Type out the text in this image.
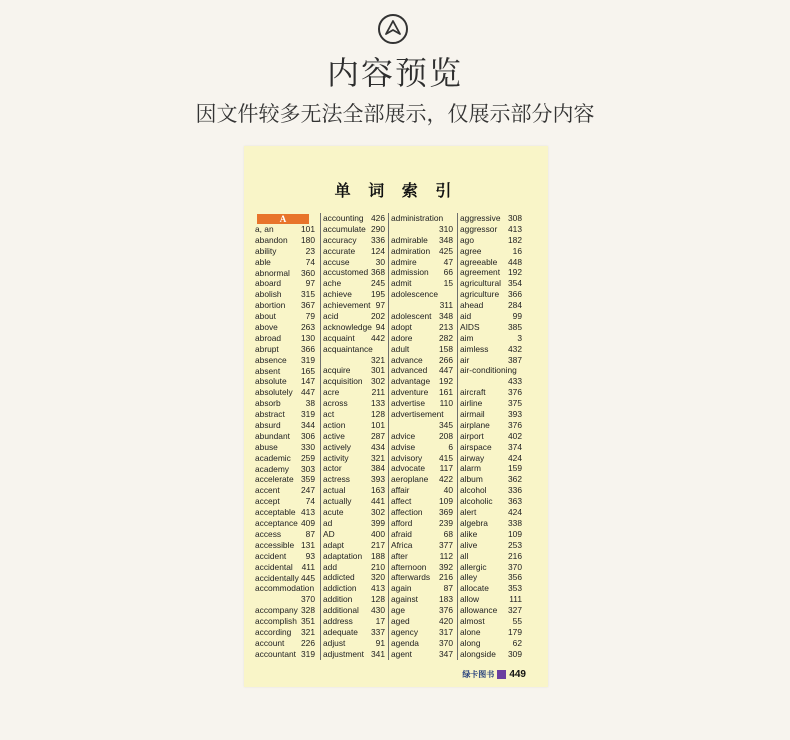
内容预览
因文件较多无法全部展示，仅展示部分内容
单 词 索 引
A
a, an	101
abandon 180
ability	23
able	74
abnormal 360
aboard	97
abolish 315
abortion 367
about	79
above	263
abroad 130
abrupt	366
absence 319
absent 165
absolute 147
absolutely 447
absorb	38
abstract 319
absurd 344
abundant 306
abuse	330
academic 259
academy 303
accelerate 359
accent	247
accept	74
acceptable 413
acceptance 409
access	87
accessible 131
accident 93
accidental 411
accidentally 445
accommodation
370
accompany 328
accomplish 351
according 321
account 226
accountant 319
accounting 426
accumulate 290
accuracy 336
accurate 124
accuse	30
accustomed 368
ache	245
achieve 195
achievement 97
acid	202
acknowledge 94
acquaint 442
acquaintance
321
acquire 301
acquisition 302
acre	211
across	133
act	128
action	101
active	287
actively 434
activity	321
actor	384
actress	393
actual	163
actually 441
acute	302
ad	399
AD	400
adapt	217
adaptation 188
add	210
addicted 320
addiction 413
addition 128
additional 430
address	17
adequate 337
adjust	91
adjustment 341
administration
310
admirable 348
admiration 425
admire	47
admission 66
admit	15
adolescence
311
adolescent 348
adopt	213
adore	282
adult	158
advance 266
advanced 447
advantage 192
adventure 161
advertise 110
advertisement
345
advice	208
advise	6
advisory 415
advocate 117
aeroplane 422
affair	40
affect	109
affection 369
afford	239
afraid	68
Africa	377
after	112
afternoon 392
afterwards 216
again	87
against	183
age	376
aged	420
agency	317
agenda 370
agent	347
aggressive 308
aggressor 413
ago	182
agree	16
agreeable 448
agreement 192
agricultural 354
agriculture 366
ahead	284
aid	99
AIDS	385
aim	3
aimless 432
air	387
air-conditioning
433
aircraft	376
airline	375
airmail	393
airplane 376
airport	402
airspace 374
airway	424
alarm	159
album	362
alcohol	336
alcoholic 363
alert	424
algebra 338
alike	109
alive	253
all	216
allergic	370
alley	356
allocate 353
allow	111
allowance 327
almost	55
alone	179
along	62
alongside 309
绿卡图书 449
